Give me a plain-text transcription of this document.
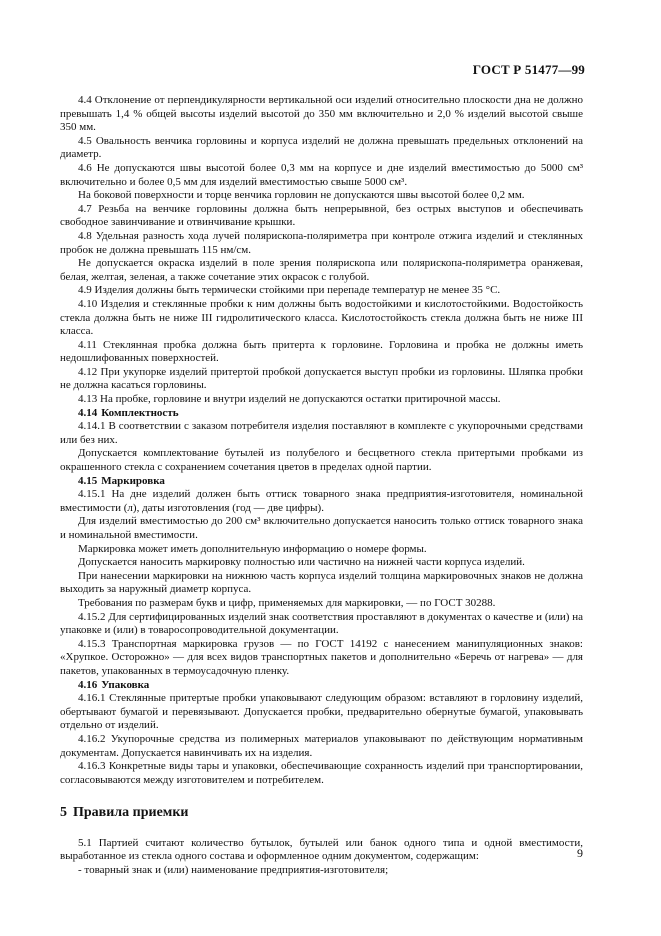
ГОСТ Р 51477—99

4.4 Отклонение от перпендикулярности вертикальной оси изделий относительно плоскости дна не должно превышать 1,4 % общей высоты изделий высотой до 350 мм включительно и 2,0 % изделий высотой свыше 350 мм.

4.5 Овальность венчика горловины и корпуса изделий не должна превышать предельных отклонений на диаметр.

4.6 Не допускаются швы высотой более 0,3 мм на корпусе и дне изделий вместимостью до 5000 см³ включительно и более 0,5 мм для изделий вместимостью свыше 5000 см³.

На боковой поверхности и торце венчика горловин не допускаются швы высотой более 0,2 мм.

4.7 Резьба на венчике горловины должна быть непрерывной, без острых выступов и обеспечивать свободное завинчивание и отвинчивание крышки.

4.8 Удельная разность хода лучей полярископа-поляриметра при контроле отжига изделий и стеклянных пробок не должна превышать 115 нм/см.

Не допускается окраска изделий в поле зрения полярископа или полярископа-поляриметра оранжевая, белая, желтая, зеленая, а также сочетание этих окрасок с голубой.

4.9 Изделия должны быть термически стойкими при перепаде температур не менее 35 °С.

4.10 Изделия и стеклянные пробки к ним должны быть водостойкими и кислотостойкими. Водостойкость стекла должна быть не ниже III гидролитического класса. Кислотостойкость стекла должна быть не ниже III класса.

4.11 Стеклянная пробка должна быть притерта к горловине. Горловина и пробка не должны иметь недошлифованных поверхностей.

4.12 При укупорке изделий притертой пробкой допускается выступ пробки из горловины. Шляпка пробки не должна касаться горловины.

4.13 На пробке, горловине и внутри изделий не допускаются остатки притирочной массы.

4.14 Комплектность

4.14.1 В соответствии с заказом потребителя изделия поставляют в комплекте с укупорочными средствами или без них.

Допускается комплектование бутылей из полубелого и бесцветного стекла притертыми пробками из окрашенного стекла с сохранением сочетания цветов в пределах одной партии.

4.15 Маркировка

4.15.1 На дне изделий должен быть оттиск товарного знака предприятия-изготовителя, номинальной вместимости (л), даты изготовления (год — две цифры).

Для изделий вместимостью до 200 см³ включительно допускается наносить только оттиск товарного знака и номинальной вместимости.

Маркировка может иметь дополнительную информацию о номере формы.

Допускается наносить маркировку полностью или частично на нижней части корпуса изделий.

При нанесении маркировки на нижнюю часть корпуса изделий толщина маркировочных знаков не должна выходить за наружный диаметр корпуса.

Требования по размерам букв и цифр, применяемых для маркировки, — по ГОСТ 30288.

4.15.2 Для сертифицированных изделий знак соответствия проставляют в документах о качестве и (или) на упаковке и (или) в товаросопроводительной документации.

4.15.3 Транспортная маркировка грузов — по ГОСТ 14192 с нанесением манипуляционных знаков: «Хрупкое. Осторожно» — для всех видов транспортных пакетов и дополнительно «Беречь от нагрева» — для пакетов, упакованных в термоусадочную пленку.

4.16 Упаковка

4.16.1 Стеклянные притертые пробки упаковывают следующим образом: вставляют в горловину изделий, обертывают бумагой и перевязывают. Допускается пробки, предварительно обернутые бумагой, упаковывать отдельно от изделий.

4.16.2 Укупорочные средства из полимерных материалов упаковывают по действующим нормативным документам. Допускается навинчивать их на изделия.

4.16.3 Конкретные виды тары и упаковки, обеспечивающие сохранность изделий при транспортировании, согласовываются между изготовителем и потребителем.

5 Правила приемки

5.1 Партией считают количество бутылок, бутылей или банок одного типа и одной вместимости, выработанное из стекла одного состава и оформленное одним документом, содержащим:

- товарный знак и (или) наименование предприятия-изготовителя;

9
